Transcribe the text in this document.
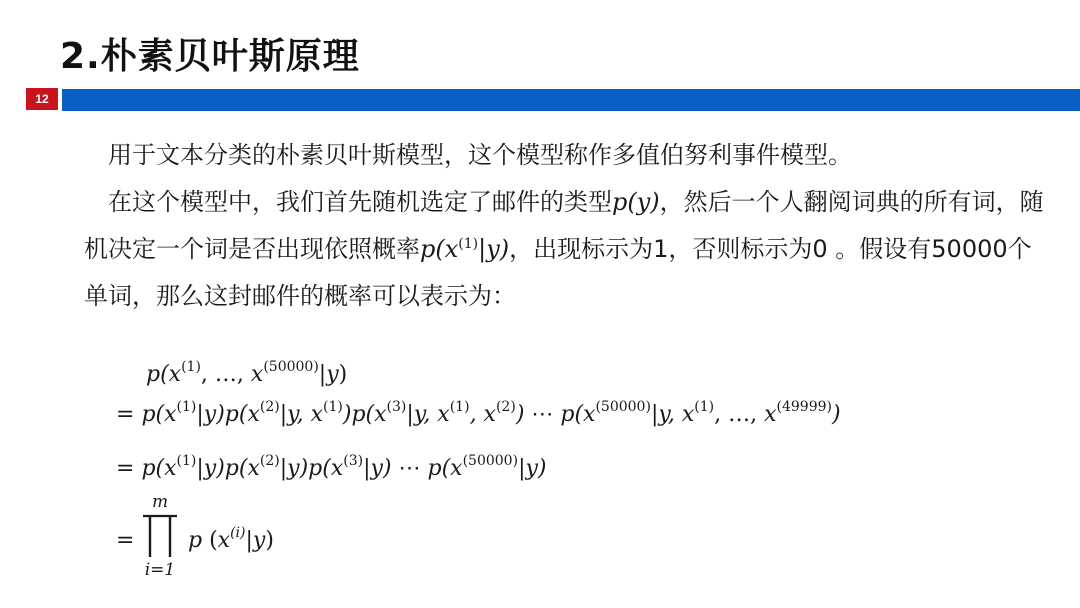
2.朴素贝叶斯原理
12

用于文本分类的朴素贝叶斯模型，这个模型称作多值伯努利事件模型。

在这个模型中，我们首先随机选定了邮件的类型p(y)，然后一个人翻阅词典的所有词，随机决定一个词是否出现依照概率$p(x^{(1)}|y)$，出现标示为1，否则标示为0 。假设有50000个单词，那么这封邮件的概率可以表示为：

$p(x^{(1)}$, …, $x^{(50000)}|y$)
= $p(x^{(1)}|y)p(x^{(2)}|y$, $x^{(1)})p(x^{(3)}|y$, $x^{(1)}$, $x^{(2)}$) ⋯ $p(x^{(50000)}|y$, $x^{(1)}$, …, $x^{(49999)}$)
= $p(x^{(1)}|y)p(x^{(2)}|y)p(x^{(3)}|y)$ ⋯ $p(x^{(50000)}|y)$
=
m
i=1
p $(x^{(i)}|y)$
